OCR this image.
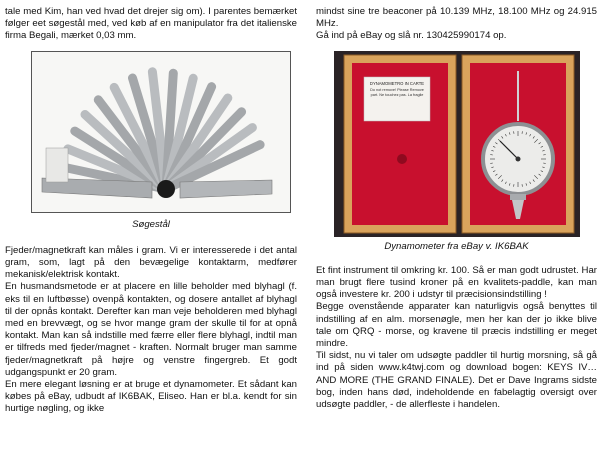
tale med Kim, han ved hvad det drejer sig om). I parentes bemærket følger eet søgestål med, ved køb af en manipulator fra det italienske firma Begali, mærket 0,03 mm.

Søgestål

Fjeder/magnetkraft kan måles i gram. Vi er interesserede i det antal gram, som, lagt på den bevægelige kontaktarm, medfører mekanisk/elektrisk kontakt.

En husmandsmetode er at placere en lille beholder med blyhagl (f. eks til en luftbøsse) ovenpå kontakten, og dosere antallet af blyhagl til der opnås kontakt. Derefter kan man veje beholderen med blyhagl med en brevvægt, og se hvor mange gram der skulle til for at opnå kontakt. Man kan så indstille med færre eller flere blyhagl, indtil man er tilfreds med fjeder/magnet - kraften. Normalt bruger man samme fjeder/magnetkraft på højre og venstre fingergreb. Et godt udgangspunkt er 20 gram.

En mere elegant løsning er at bruge et dynamometer. Et sådant kan købes på eBay, udbudt af IK6BAK, Eliseo. Han er bl.a. kendt for sin hurtige nøgling, og ikke

mindst sine tre beaconer på 10.139 MHz, 18.100 MHz og 24.915 MHz.

Gå ind på eBay og slå nr. 130425990174 op.

DYNAMOMETRO IN CARTE
Do not remove! Please Remove part. Ne touchez pas. La fragile
Dynamometer fra eBay v. IK6BAK

Et fint instrument til omkring kr. 100. Så er man godt udrustet. Har man brugt flere tusind kroner på en kvalitets-paddle, kan man også investere kr. 200 i udstyr til præcisionsindstilling !

Begge ovenstående apparater kan naturligvis også benyttes til indstilling af en alm. morsenøgle, men her kan der jo ikke blive tale om QRQ - morse, og kravene til præcis indstilling er meget mindre.

Til sidst, nu vi taler om udsøgte paddler til hurtig morsning, så gå ind på siden www.k4twj.com og download bogen: KEYS IV… AND MORE (THE GRAND FINALE). Det er Dave Ingrams sidste bog, inden hans død, indeholdende en fabelagtig oversigt over udsøgte paddler, - de allerfleste i handelen.
